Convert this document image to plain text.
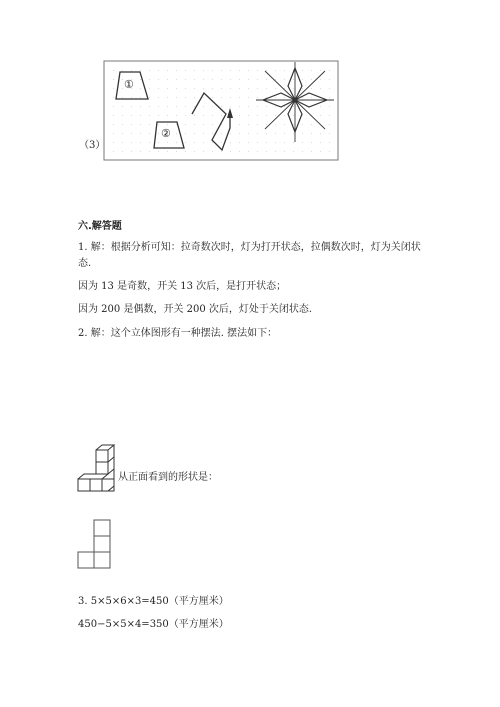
（3）
①
②
六.解答题
1. 解：根据分析可知：拉奇数次时，灯为打开状态，拉偶数次时，灯为关闭状
态.
因为 13 是奇数，开关 13 次后，是打开状态；
因为 200 是偶数，开关 200 次后，灯处于关闭状态.
2. 解：这个立体图形有一种摆法. 摆法如下：
从正面看到的形状是：
3. 5×5×6×3=450（平方厘米）
450−5×5×4=350（平方厘米）
